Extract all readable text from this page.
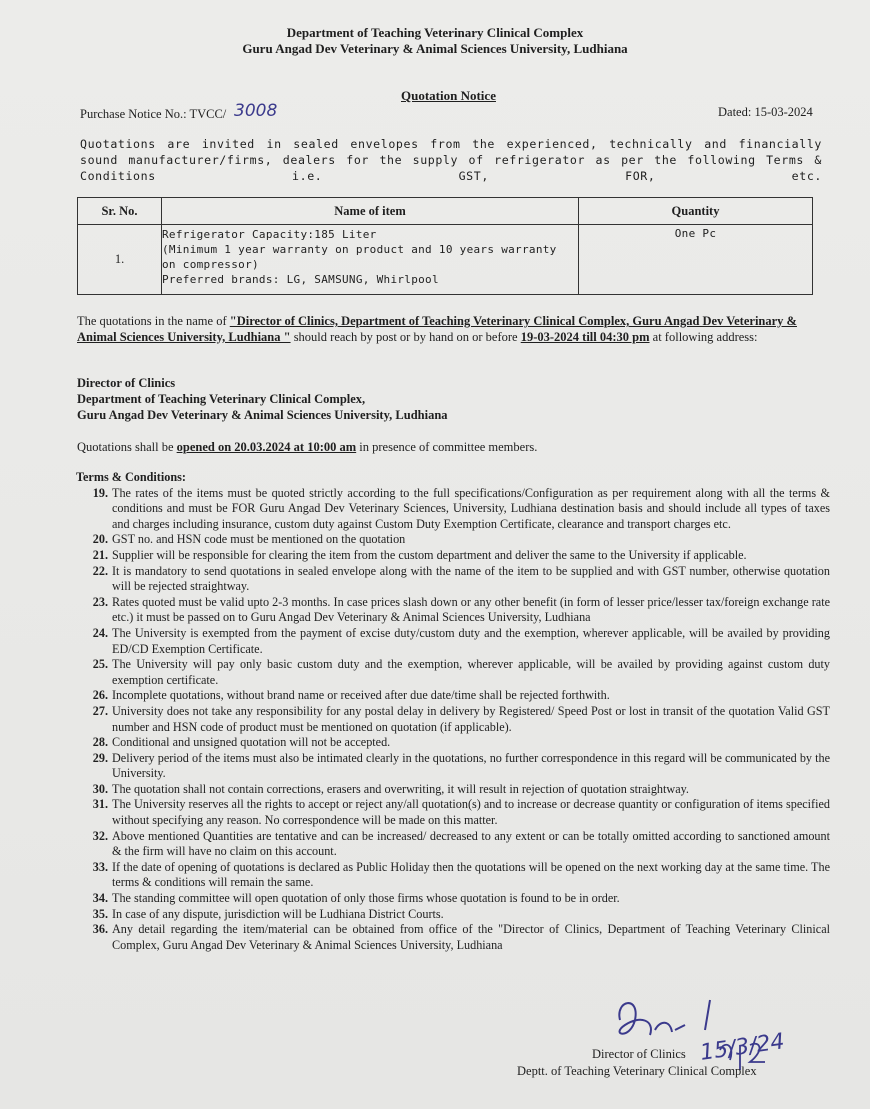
Department of Teaching Veterinary Clinical Complex
Guru Angad Dev Veterinary & Animal Sciences University, Ludhiana
Quotation Notice
Purchase Notice No.: TVCC/ 3008	Dated: 15-03-2024
Quotations are invited in sealed envelopes from the experienced, technically and financially sound manufacturer/firms, dealers for the supply of refrigerator as per the following Terms & Conditions i.e. GST, FOR, etc.
Sr. No.	Name of item	Quantity
1.	Refrigerator Capacity:185 Liter
(Minimum 1 year warranty on product and 10 years warranty
on compressor)
Preferred brands: LG, SAMSUNG, Whirlpool	One Pc
The quotations in the name of "Director of Clinics, Department of Teaching Veterinary Clinical Complex, Guru Angad Dev Veterinary & Animal Sciences University, Ludhiana " should reach by post or by hand on or before 19-03-2024 till 04:30 pm at following address:
Director of Clinics
Department of Teaching Veterinary Clinical Complex,
Guru Angad Dev Veterinary & Animal Sciences University, Ludhiana
Quotations shall be opened on 20.03.2024 at 10:00 am in presence of committee members.
Terms & Conditions:
19. The rates of the items must be quoted strictly according to the full specifications/Configuration as per requirement along with all the terms & conditions and must be FOR Guru Angad Dev Veterinary Sciences, University, Ludhiana destination basis and should include all types of taxes and charges including insurance, custom duty against Custom Duty Exemption Certificate, clearance and transport charges etc.
20. GST no. and HSN code must be mentioned on the quotation
21. Supplier will be responsible for clearing the item from the custom department and deliver the same to the University if applicable.
22. It is mandatory to send quotations in sealed envelope along with the name of the item to be supplied and with GST number, otherwise quotation will be rejected straightway.
23. Rates quoted must be valid upto 2-3 months. In case prices slash down or any other benefit (in form of lesser price/lesser tax/foreign exchange rate etc.) it must be passed on to Guru Angad Dev Veterinary & Animal Sciences University, Ludhiana
24. The University is exempted from the payment of excise duty/custom duty and the exemption, wherever applicable, will be availed by providing ED/CD Exemption Certificate.
25. The University will pay only basic custom duty and the exemption, wherever applicable, will be availed by providing against custom duty exemption certificate.
26. Incomplete quotations, without brand name or received after due date/time shall be rejected forthwith.
27. University does not take any responsibility for any postal delay in delivery by Registered/ Speed Post or lost in transit of the quotation Valid GST number and HSN code of product must be mentioned on quotation (if applicable).
28. Conditional and unsigned quotation will not be accepted.
29. Delivery period of the items must also be intimated clearly in the quotations, no further correspondence in this regard will be communicated by the University.
30. The quotation shall not contain corrections, erasers and overwriting, it will result in rejection of quotation straightway.
31. The University reserves all the rights to accept or reject any/all quotation(s) and to increase or decrease quantity or configuration of items specified without specifying any reason. No correspondence will be made on this matter.
32. Above mentioned Quantities are tentative and can be increased/ decreased to any extent or can be totally omitted according to sanctioned amount & the firm will have no claim on this account.
33. If the date of opening of quotations is declared as Public Holiday then the quotations will be opened on the next working day at the same time. The terms & conditions will remain the same.
34. The standing committee will open quotation of only those firms whose quotation is found to be in order.
35. In case of any dispute, jurisdiction will be Ludhiana District Courts.
36. Any detail regarding the item/material can be obtained from office of the "Director of Clinics, Department of Teaching Veterinary Clinical Complex, Guru Angad Dev Veterinary & Animal Sciences University, Ludhiana
Director of Clinics
Deptt. of Teaching Veterinary Clinical Complex
15/3/24
